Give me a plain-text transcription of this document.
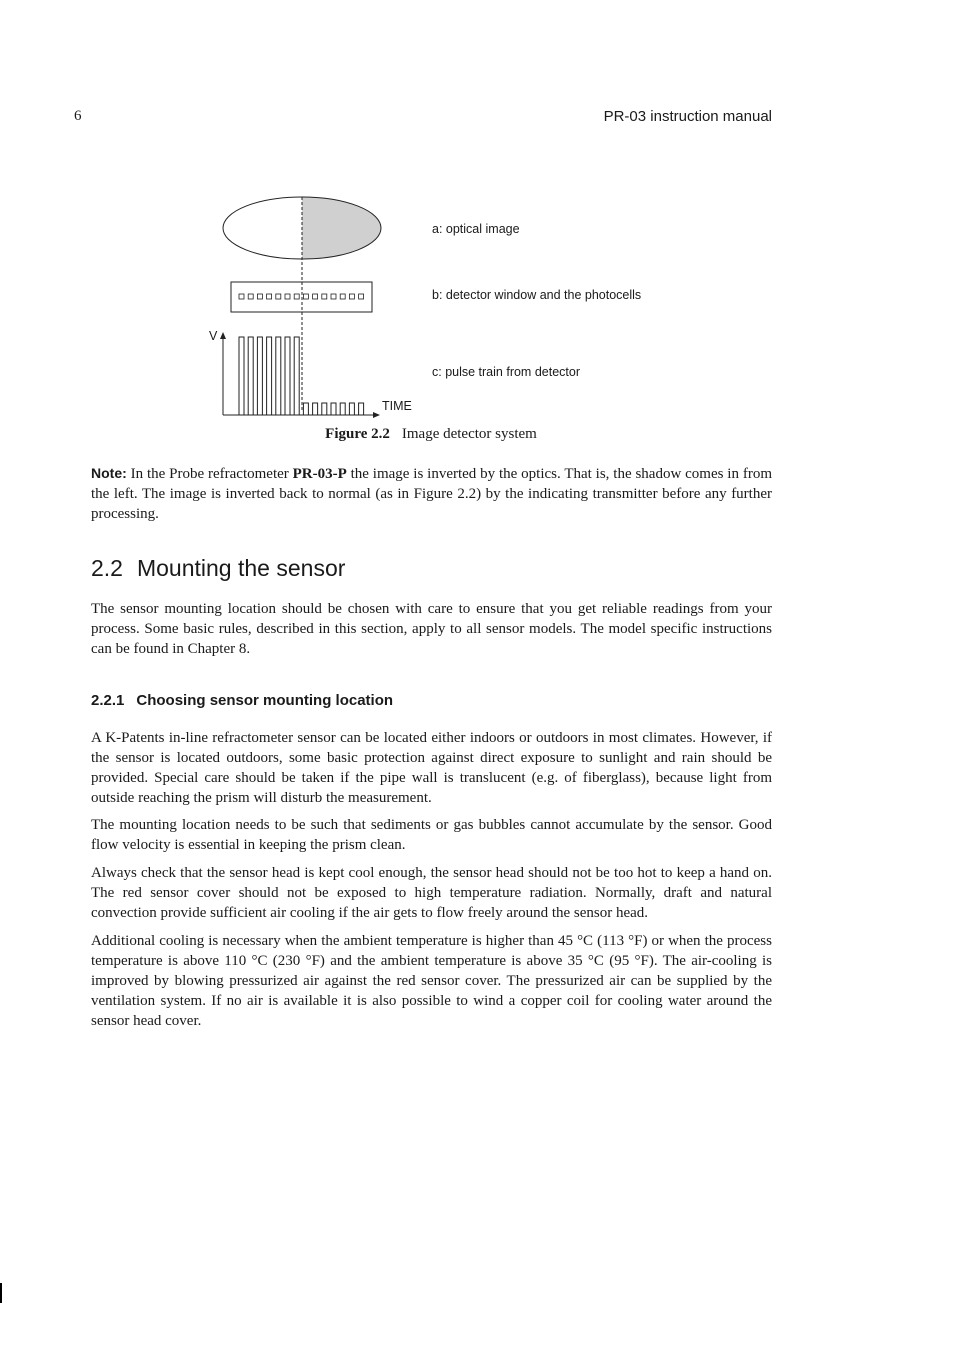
6	PR-03 instruction manual
a: optical image
b: detector window and the photocells
c: pulse train from detector
V
TIME
Figure 2.2 Image detector system

Note: In the Probe refractometer PR-03-P the image is inverted by the optics. That is, the shadow comes in from the left. The image is inverted back to normal (as in Figure 2.2) by the indicating transmitter before any further processing.

2.2 Mounting the sensor

The sensor mounting location should be chosen with care to ensure that you get reliable readings from your process. Some basic rules, described in this section, apply to all sensor models. The model specific instructions can be found in Chapter 8.

2.2.1 Choosing sensor mounting location

A K-Patents in-line refractometer sensor can be located either indoors or outdoors in most climates. However, if the sensor is located outdoors, some basic protection against direct exposure to sunlight and rain should be provided. Special care should be taken if the pipe wall is translucent (e.g. of fiberglass), because light from outside reaching the prism will disturb the measurement.

The mounting location needs to be such that sediments or gas bubbles cannot accumulate by the sensor. Good flow velocity is essential in keeping the prism clean.

Always check that the sensor head is kept cool enough, the sensor head should not be too hot to keep a hand on. The red sensor cover should not be exposed to high temperature radiation. Normally, draft and natural convection provide sufficient air cooling if the air gets to flow freely around the sensor head.

Additional cooling is necessary when the ambient temperature is higher than 45 °C (113 °F) or when the process temperature is above 110 °C (230 °F) and the ambient temperature is above 35 °C (95 °F). The air-cooling is improved by blowing pressurized air against the red sensor cover. The pressurized air can be supplied by the ventilation system. If no air is available it is also possible to wind a copper coil for cooling water around the sensor head cover.
